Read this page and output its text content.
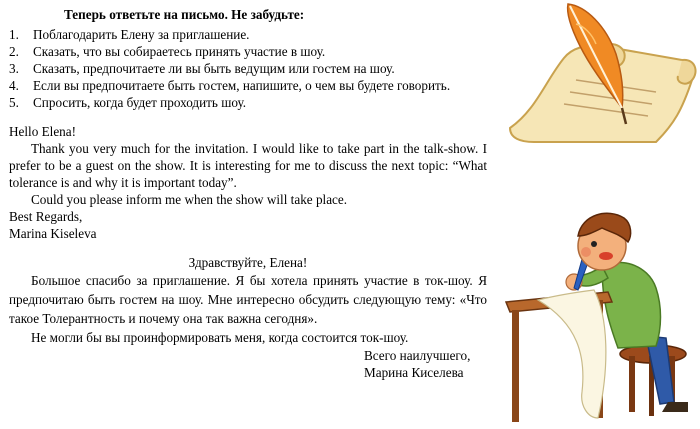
Теперь ответьте на письмо. Не забудьте:
1. Поблагодарить Елену за приглашение.
2. Сказать, что вы собираетесь принять участие в шоу.
3. Сказать, предпочитаете ли вы быть ведущим или гостем на шоу.
4. Если вы предпочитаете быть гостем, напишите, о чем вы будете говорить.
5. Спросить, когда будет проходить шоу.

Hello Elena!

Thank you very much for the invitation. I would like to take part in the talk-show. I prefer to be a guest on the show. It is interesting for me to discuss the next topic: “What tolerance is and why it is important today”.

Could you please inform me when the show will take place.

Best Regards,

Marina Kiseleva

Здравствуйте, Елена!

Большое спасибо за приглашение. Я бы хотела принять участие в ток-шоу. Я предпочитаю быть гостем на шоу. Мне интересно обсудить следующую тему: «Что такое Толерантность и почему она так важна сегодня».

Не могли бы вы проинформировать меня, когда состоится ток-шоу.

Всего наилучшего,

Марина Киселева
